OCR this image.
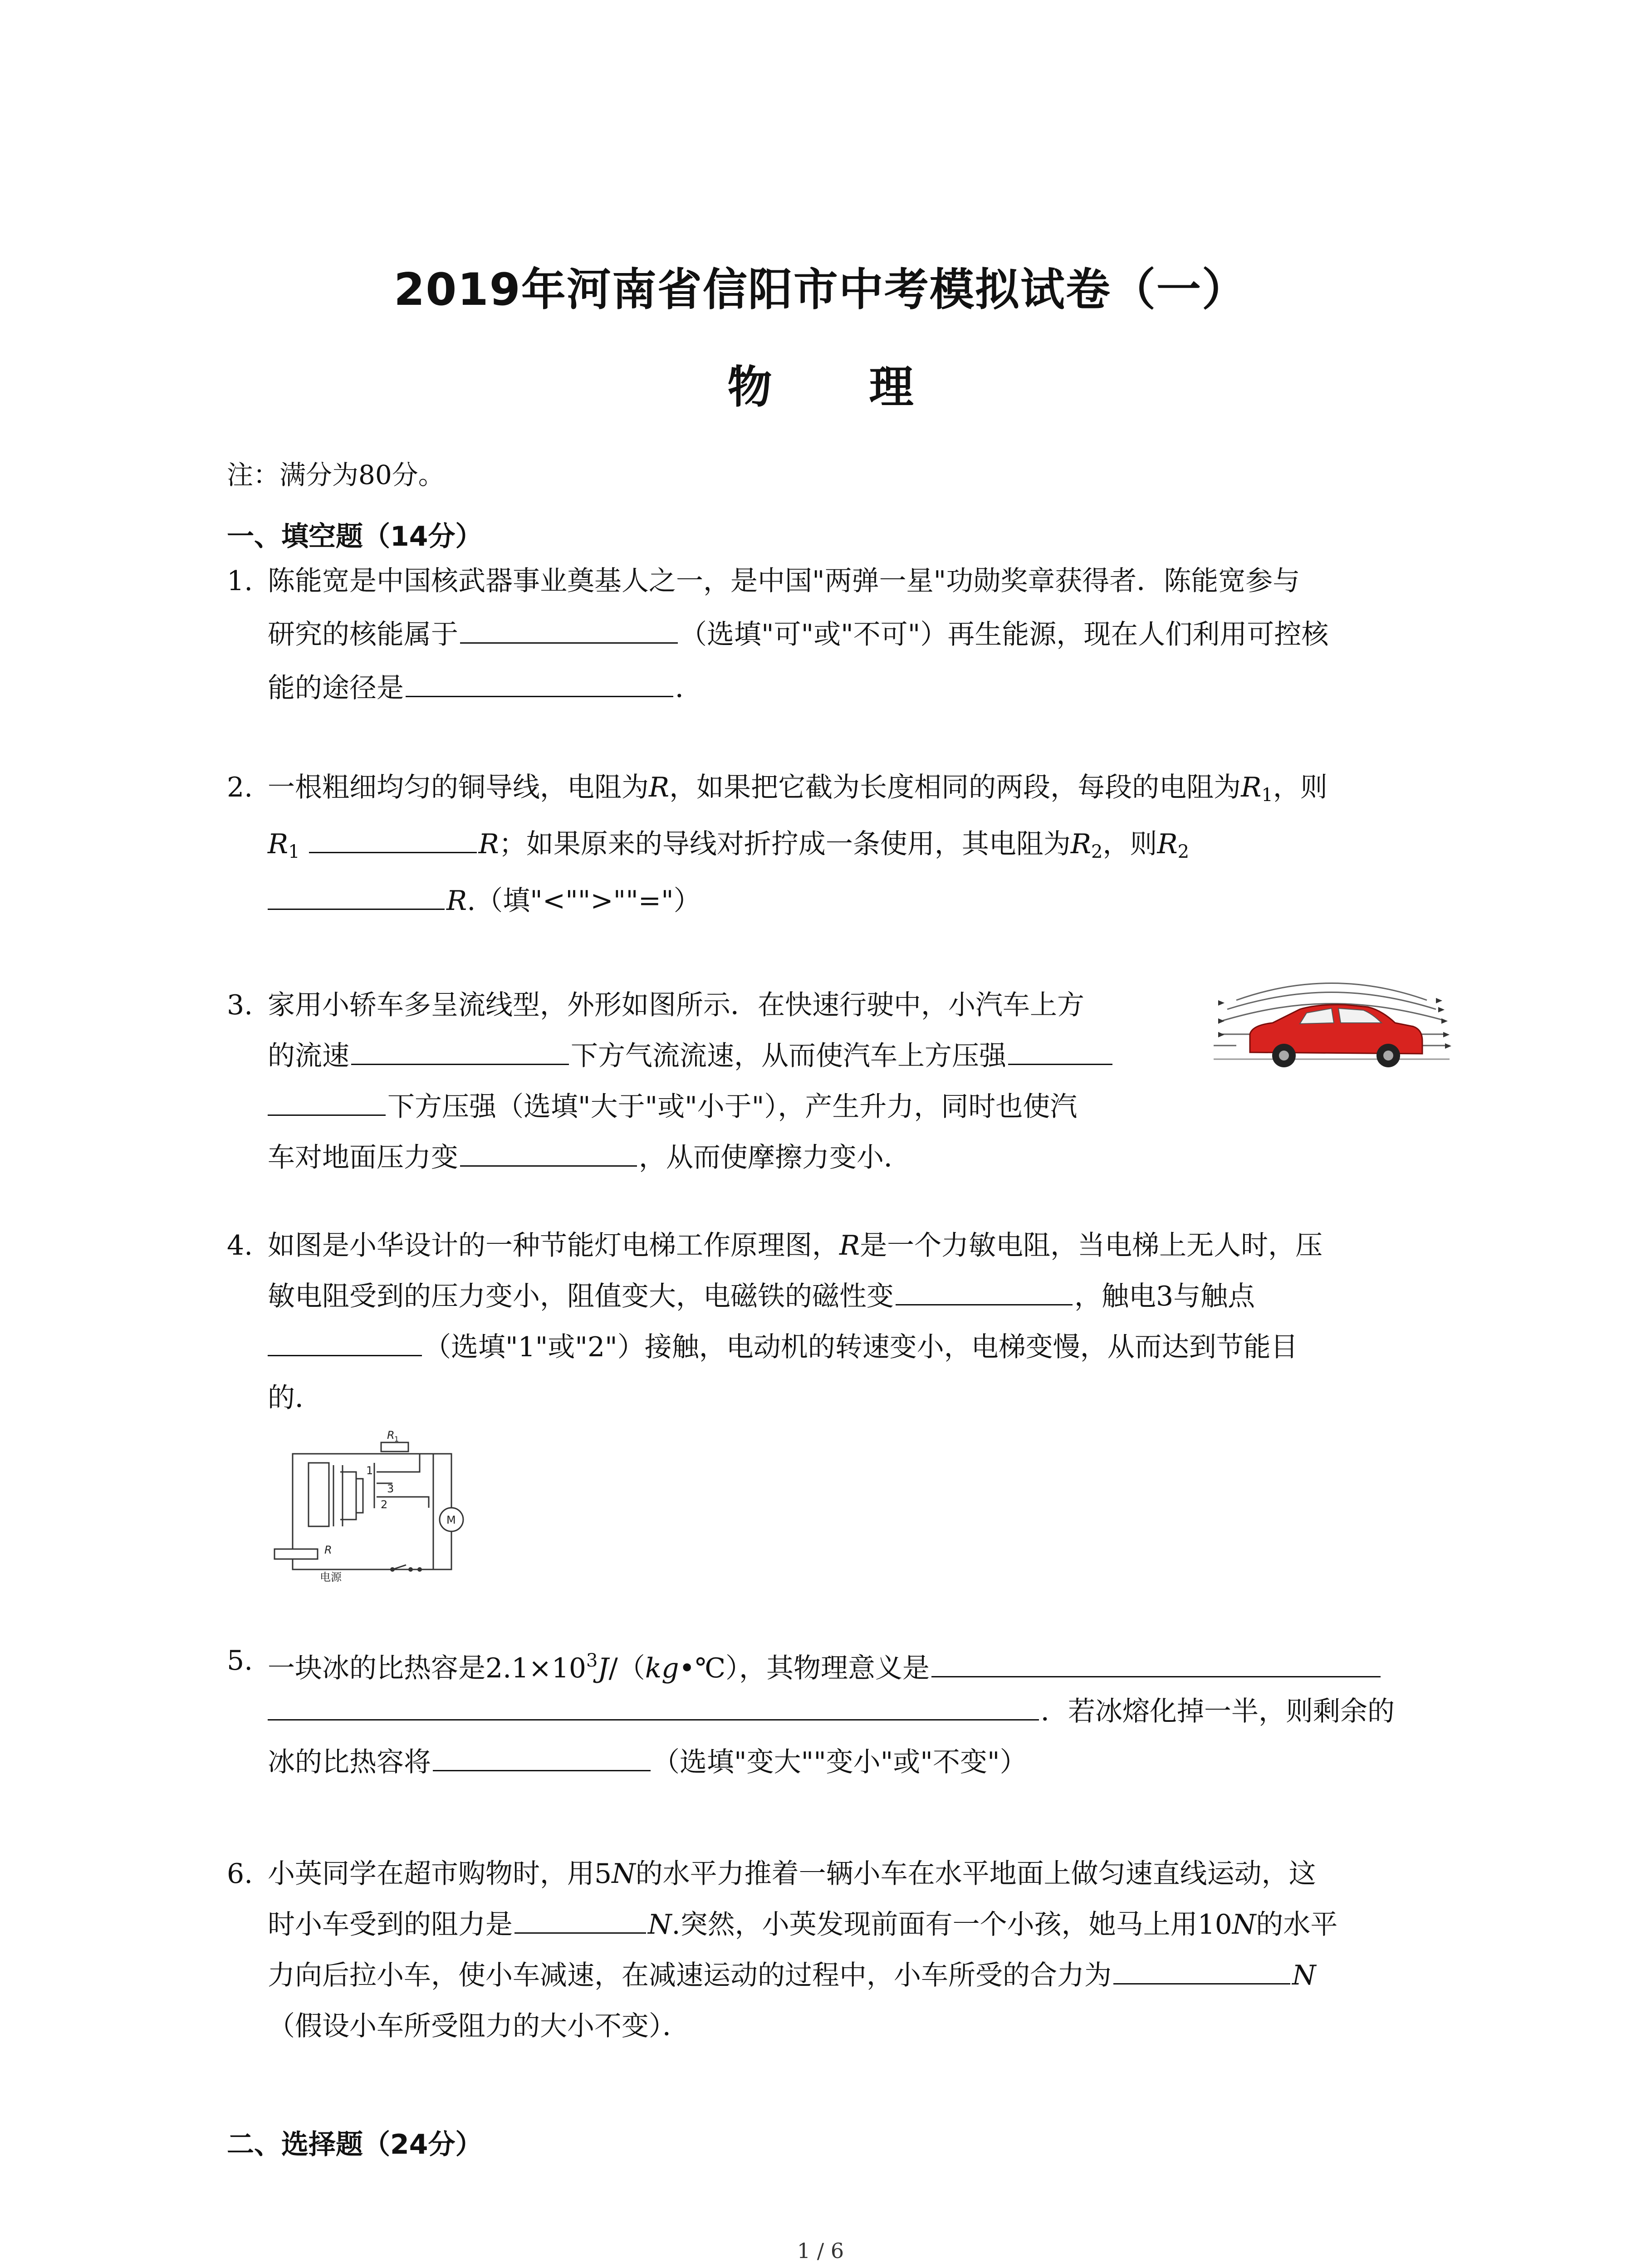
2019年河南省信阳市中考模拟试卷（一）
物 理
注：满分为80分。
一、填空题（14分）
1. 陈能宽是中国核武器事业奠基人之一，是中国"两弹一星"功勋奖章获得者．陈能宽参与
研究的核能属于	（选填"可"或"不可"）再生能源，现在人们利用可控核
能的途径是	．
2. 一根粗细均匀的铜导线，电阻为R，如果把它截为长度相同的两段，每段的电阻为$R_1$，则
$R_1$	R；如果原来的导线对折拧成一条使用，其电阻为$R_2$，则$R_2$
R.（填"<"">""="）
3. 家用小轿车多呈流线型，外形如图所示．在快速行驶中，小汽车上方
的流速	下方气流流速，从而使汽车上方压强
下方压强（选填"大于"或"小于"），产生升力，同时也使汽
车对地面压力变	，从而使摩擦力变小．
4. 如图是小华设计的一种节能灯电梯工作原理图，R是一个力敏电阻，当电梯上无人时，压
敏电阻受到的压力变小，阻值变大，电磁铁的磁性变	，触电3与触点
（选填"1"或"2"）接触，电动机的转速变小，电梯变慢，从而达到节能目
的．
R 1
1
3
2
M
R
电源
5. 一块冰的比热容是$2.1\times 10^3J/(kg•℃)$，其物理意义是
．若冰熔化掉一半，则剩余的
冰的比热容将	（选填"变大""变小"或"不变"）
6. 小英同学在超市购物时，用5N的水平力推着一辆小车在水平地面上做匀速直线运动，这
时小车受到的阻力是	N.突然，小英发现前面有一个小孩，她马上用10N的水平
力向后拉小车，使小车减速，在减速运动的过程中，小车所受的合力为	N
（假设小车所受阻力的大小不变）．
二、选择题（24分）
1 / 6
